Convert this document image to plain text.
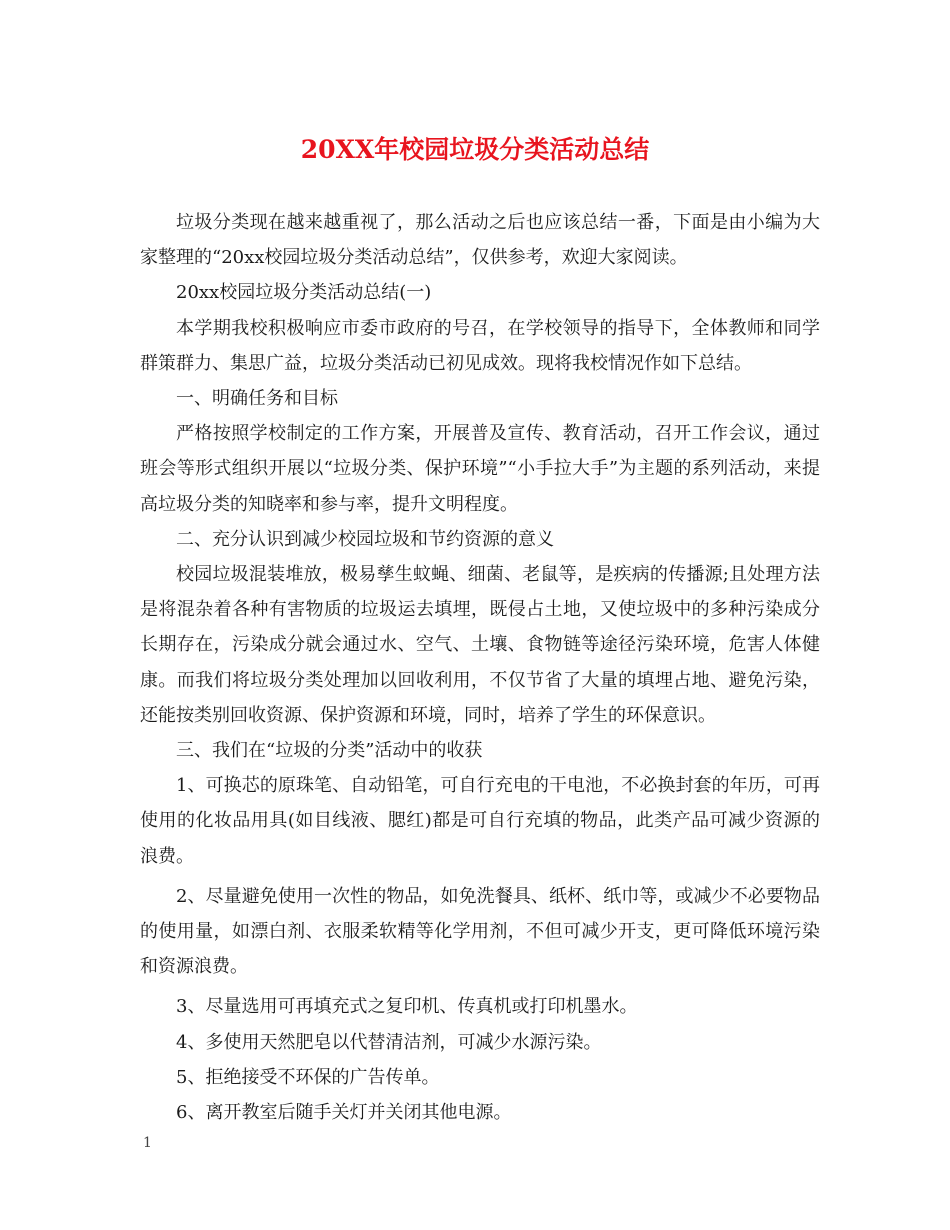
20XX年校园垃圾分类活动总结

垃圾分类现在越来越重视了，那么活动之后也应该总结一番，下面是由小编为大家整理的“20xx校园垃圾分类活动总结”，仅供参考，欢迎大家阅读。

20xx校园垃圾分类活动总结(一)

本学期我校积极响应市委市政府的号召，在学校领导的指导下，全体教师和同学群策群力、集思广益，垃圾分类活动已初见成效。现将我校情况作如下总结。

一、明确任务和目标

严格按照学校制定的工作方案，开展普及宣传、教育活动，召开工作会议，通过班会等形式组织开展以“垃圾分类、保护环境”“小手拉大手”为主题的系列活动，来提高垃圾分类的知晓率和参与率，提升文明程度。

二、充分认识到减少校园垃圾和节约资源的意义

校园垃圾混装堆放，极易孳生蚊蝇、细菌、老鼠等，是疾病的传播源;且处理方法是将混杂着各种有害物质的垃圾运去填埋，既侵占土地，又使垃圾中的多种污染成分长期存在，污染成分就会通过水、空气、土壤、食物链等途径污染环境，危害人体健康。而我们将垃圾分类处理加以回收利用，不仅节省了大量的填埋占地、避免污染，还能按类别回收资源、保护资源和环境，同时，培养了学生的环保意识。

三、我们在“垃圾的分类”活动中的收获

1、可换芯的原珠笔、自动铅笔，可自行充电的干电池，不必换封套的年历，可再使用的化妆品用具(如目线液、腮红)都是可自行充填的物品，此类产品可减少资源的浪费。

2、尽量避免使用一次性的物品，如免洗餐具、纸杯、纸巾等，或减少不必要物品的使用量，如漂白剂、衣服柔软精等化学用剂，不但可减少开支，更可降低环境污染和资源浪费。

3、尽量选用可再填充式之复印机、传真机或打印机墨水。

4、多使用天然肥皂以代替清洁剂，可减少水源污染。

5、拒绝接受不环保的广告传单。

6、离开教室后随手关灯并关闭其他电源。

1
